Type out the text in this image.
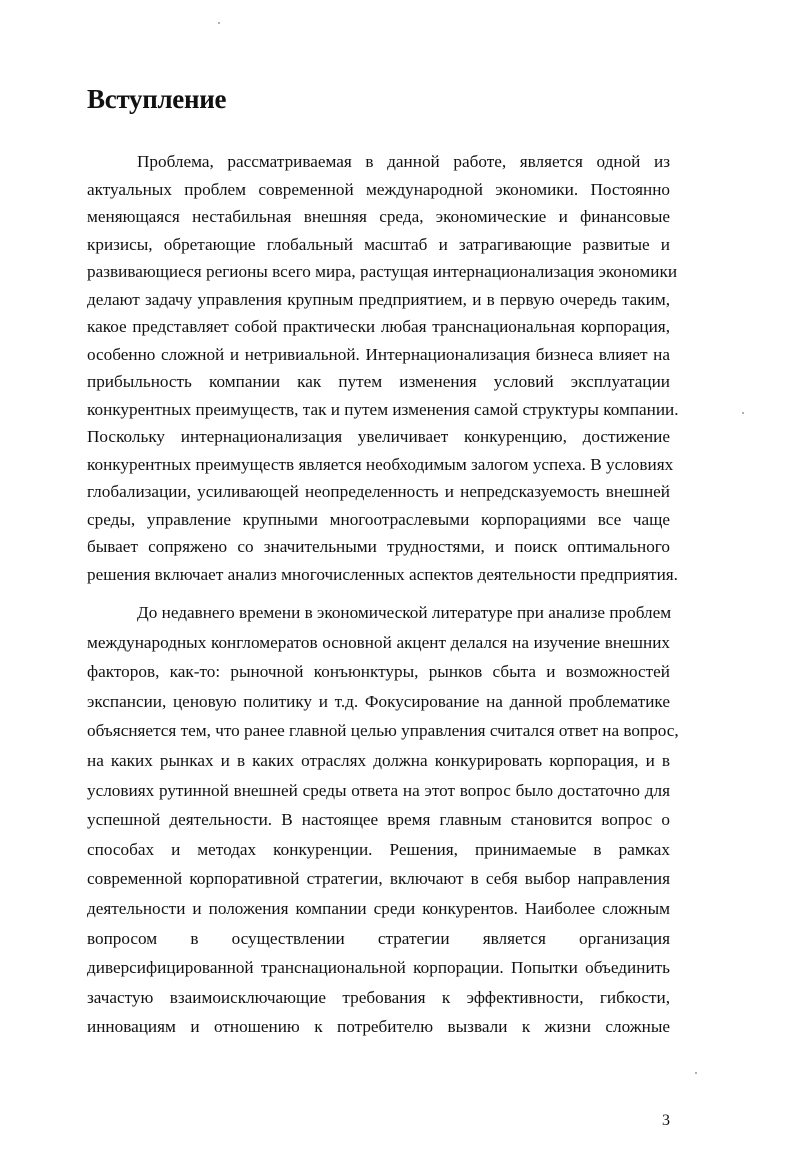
Вступление
Проблема, рассматриваемая в данной работе, является одной из
актуальных проблем современной международной экономики. Постоянно
меняющаяся нестабильная внешняя среда, экономические и финансовые
кризисы, обретающие глобальный масштаб и затрагивающие развитые и
развивающиеся регионы всего мира, растущая интернационализация экономики
делают задачу управления крупным предприятием, и в первую очередь таким,
какое представляет собой практически любая транснациональная корпорация,
особенно сложной и нетривиальной. Интернационализация бизнеса влияет на
прибыльность компании как путем изменения условий эксплуатации
конкурентных преимуществ, так и путем изменения самой структуры компании.
Поскольку интернационализация увеличивает конкуренцию, достижение
конкурентных преимуществ является необходимым залогом успеха. В условиях
глобализации, усиливающей неопределенность и непредсказуемость внешней
среды, управление крупными многоотраслевыми корпорациями все чаще
бывает сопряжено со значительными трудностями, и поиск оптимального
решения включает анализ многочисленных аспектов деятельности предприятия.
До недавнего времени в экономической литературе при анализе проблем
международных конгломератов основной акцент делался на изучение внешних
факторов, как-то: рыночной конъюнктуры, рынков сбыта и возможностей
экспансии, ценовую политику и т.д. Фокусирование на данной проблематике
объясняется тем, что ранее главной целью управления считался ответ на вопрос,
на каких рынках и в каких отраслях должна конкурировать корпорация, и в
условиях рутинной внешней среды ответа на этот вопрос было достаточно для
успешной деятельности. В настоящее время главным становится вопрос о
способах и методах конкуренции. Решения, принимаемые в рамках
современной корпоративной стратегии, включают в себя выбор направления
деятельности и положения компании среди конкурентов. Наиболее сложным
вопросом в осуществлении стратегии является организация
диверсифицированной транснациональной корпорации. Попытки объединить
зачастую взаимоисключающие требования к эффективности, гибкости,
инновациям и отношению к потребителю вызвали к жизни сложные
3
